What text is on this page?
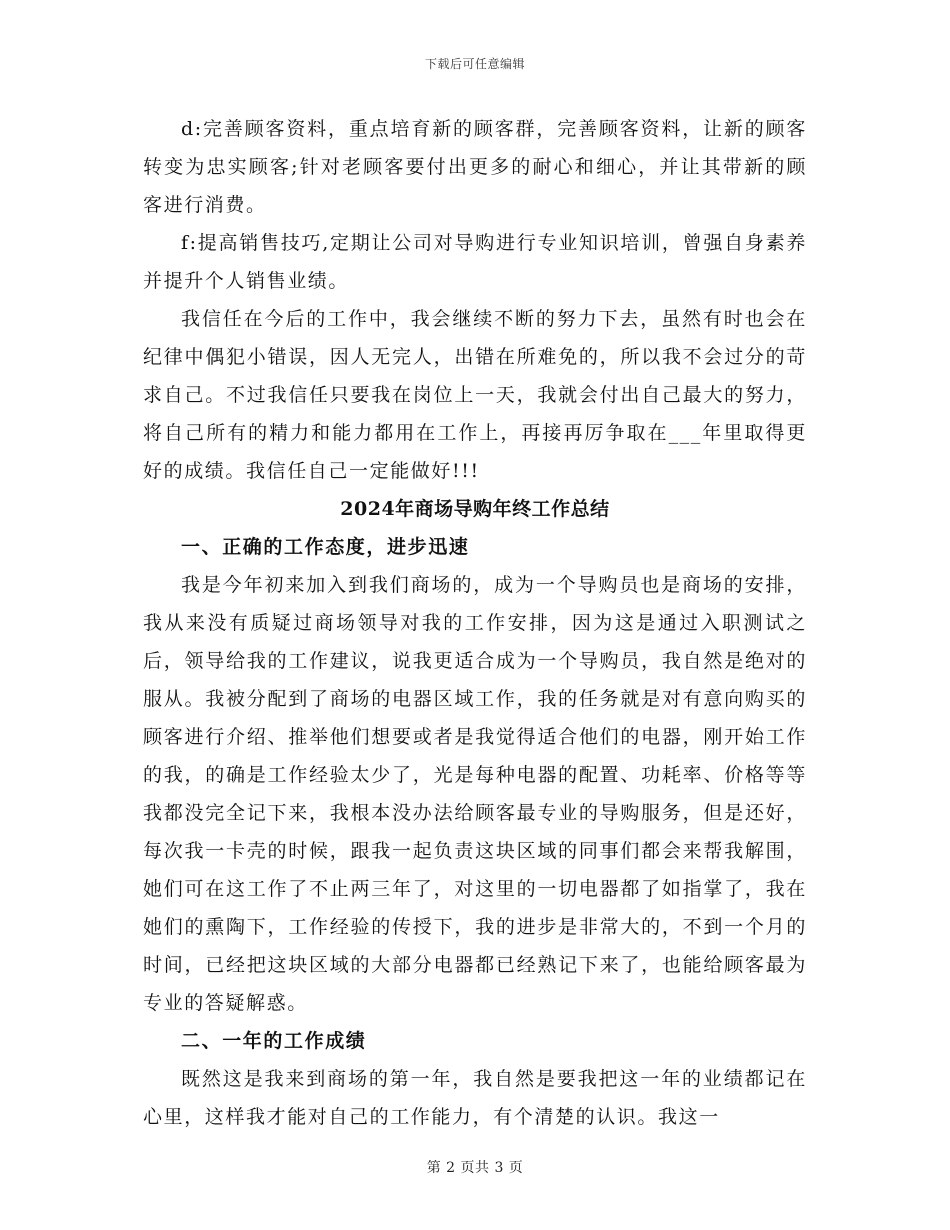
下载后可任意编辑

d:完善顾客资料，重点培育新的顾客群，完善顾客资料，让新的顾客转变为忠实顾客;针对老顾客要付出更多的耐心和细心，并让其带新的顾客进行消费。

f:提高销售技巧,定期让公司对导购进行专业知识培训，曾强自身素养并提升个人销售业绩。

我信任在今后的工作中，我会继续不断的努力下去，虽然有时也会在纪律中偶犯小错误，因人无完人，出错在所难免的，所以我不会过分的苛求自己。不过我信任只要我在岗位上一天，我就会付出自己最大的努力，将自己所有的精力和能力都用在工作上，再接再厉争取在___年里取得更好的成绩。我信任自己一定能做好!!!

2024年商场导购年终工作总结
一、正确的工作态度，进步迅速

我是今年初来加入到我们商场的，成为一个导购员也是商场的安排，我从来没有质疑过商场领导对我的工作安排，因为这是通过入职测试之后，领导给我的工作建议，说我更适合成为一个导购员，我自然是绝对的服从。我被分配到了商场的电器区域工作，我的任务就是对有意向购买的顾客进行介绍、推举他们想要或者是我觉得适合他们的电器，刚开始工作的我，的确是工作经验太少了，光是每种电器的配置、功耗率、价格等等我都没完全记下来，我根本没办法给顾客最专业的导购服务，但是还好，每次我一卡壳的时候，跟我一起负责这块区域的同事们都会来帮我解围，她们可在这工作了不止两三年了，对这里的一切电器都了如指掌了，我在她们的熏陶下，工作经验的传授下，我的进步是非常大的，不到一个月的时间，已经把这块区域的大部分电器都已经熟记下来了，也能给顾客最为专业的答疑解惑。

二、一年的工作成绩

既然这是我来到商场的第一年，我自然是要我把这一年的业绩都记在心里，这样我才能对自己的工作能力，有个清楚的认识。我这一

第 2 页共 3 页
